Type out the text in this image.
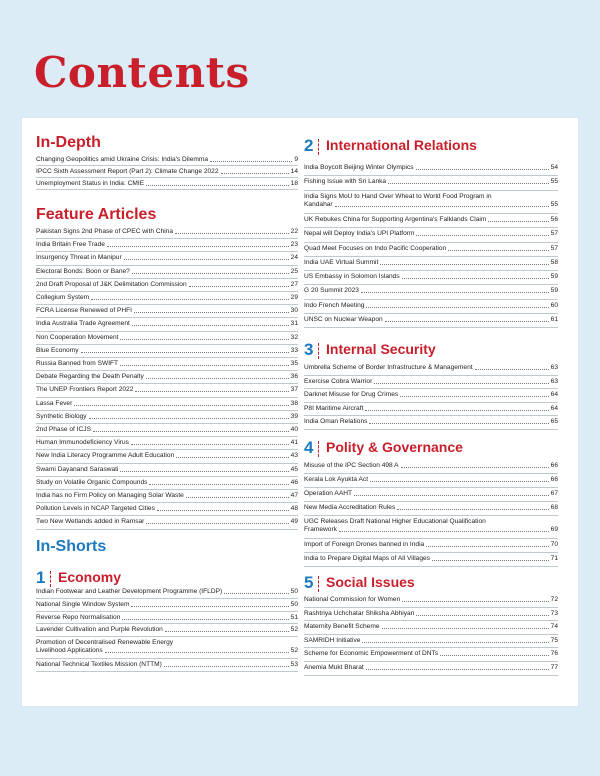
Contents
In-Depth
Changing Geopolitics amid Ukraine Crisis: India's Dilemma	9
IPCC Sixth Assessment Report (Part 2): Climate Change 2022	14
Unemployment Status in India: CMIE	18
Feature Articles
Pakistan Signs 2nd Phase of CPEC with China	22
India Britain Free Trade	23
Insurgency Threat in Manipur	24
Electoral Bonds: Boon or Bane?	25
2nd Draft Proposal of J&K Delimitation Commission	27
Collegium System	29
FCRA License Renewed of PHFI	30
India Australia Trade Agreement	31
Non Cooperation Movement	32
Blue Economy	33
Russia Banned from SWIFT	35
Debate Regarding the Death Penalty	36
The UNEP Frontiers Report 2022	37
Lassa Fever	38
Synthetic Biology	39
2nd Phase of ICJS	40
Human Immunodeficiency Virus	41
New India Literacy Programme Adult Education	43
Swami Dayanand Saraswati	45
Study on Volatile Organic Compounds	46
India has no Firm Policy on Managing Solar Waste	47
Pollution Levels in NCAP Targeted Cities	48
Two New Wetlands added in Ramsar	49
In-Shorts
1 Economy
Indian Footwear and Leather Development Programme (IFLDP)	50
National Single Window System	50
Reverse Repo Normalisation	51
Lavender Cultivation and Purple Revolution	52
Promotion of Decentralised Renewable Energy
Livelihood Applications	52
National Technical Textiles Mission (NTTM)	53
2 International Relations
India Boycott Beijing Winter Olympics	54
Fishing Issue with Sri Lanka	55
India Signs MoU to Hand Over Wheat to World Food Program in
Kandahar	55
UK Rebukes China for Supporting Argentina's Falklands Claim	56
Nepal will Deploy India's UPI Platform	57
Quad Meet Focuses on Indo Pacific Cooperation	57
India UAE Virtual Summit	58
US Embassy in Solomon Islands	59
G 20 Summit 2023	59
Indo French Meeting	60
UNSC on Nuclear Weapon	61
3 Internal Security
Umbrella Scheme of Border Infrastructure & Management	63
Exercise Cobra Warrior	63
Darknet Misuse for Drug Crimes	64
P8I Maritime Aircraft	64
India Oman Relations	65
4 Polity & Governance
Misuse of the IPC Section 498 A	66
Kerala Lok Ayukta Act	66
Operation AAHT	67
New Media Accreditation Rules	68
UGC Releases Draft National Higher Educational Qualification
Framework	69
Import of Foreign Drones banned in India	70
India to Prepare Digital Maps of All Villages	71
5 Social Issues
National Commission for Women	72
Rashtriya Uchchatar Shiksha Abhiyan	73
Maternity Benefit Scheme	74
SAMRIDH Initiative	75
Scheme for Economic Empowerment of DNTs	76
Anemia Mukt Bharat	77
